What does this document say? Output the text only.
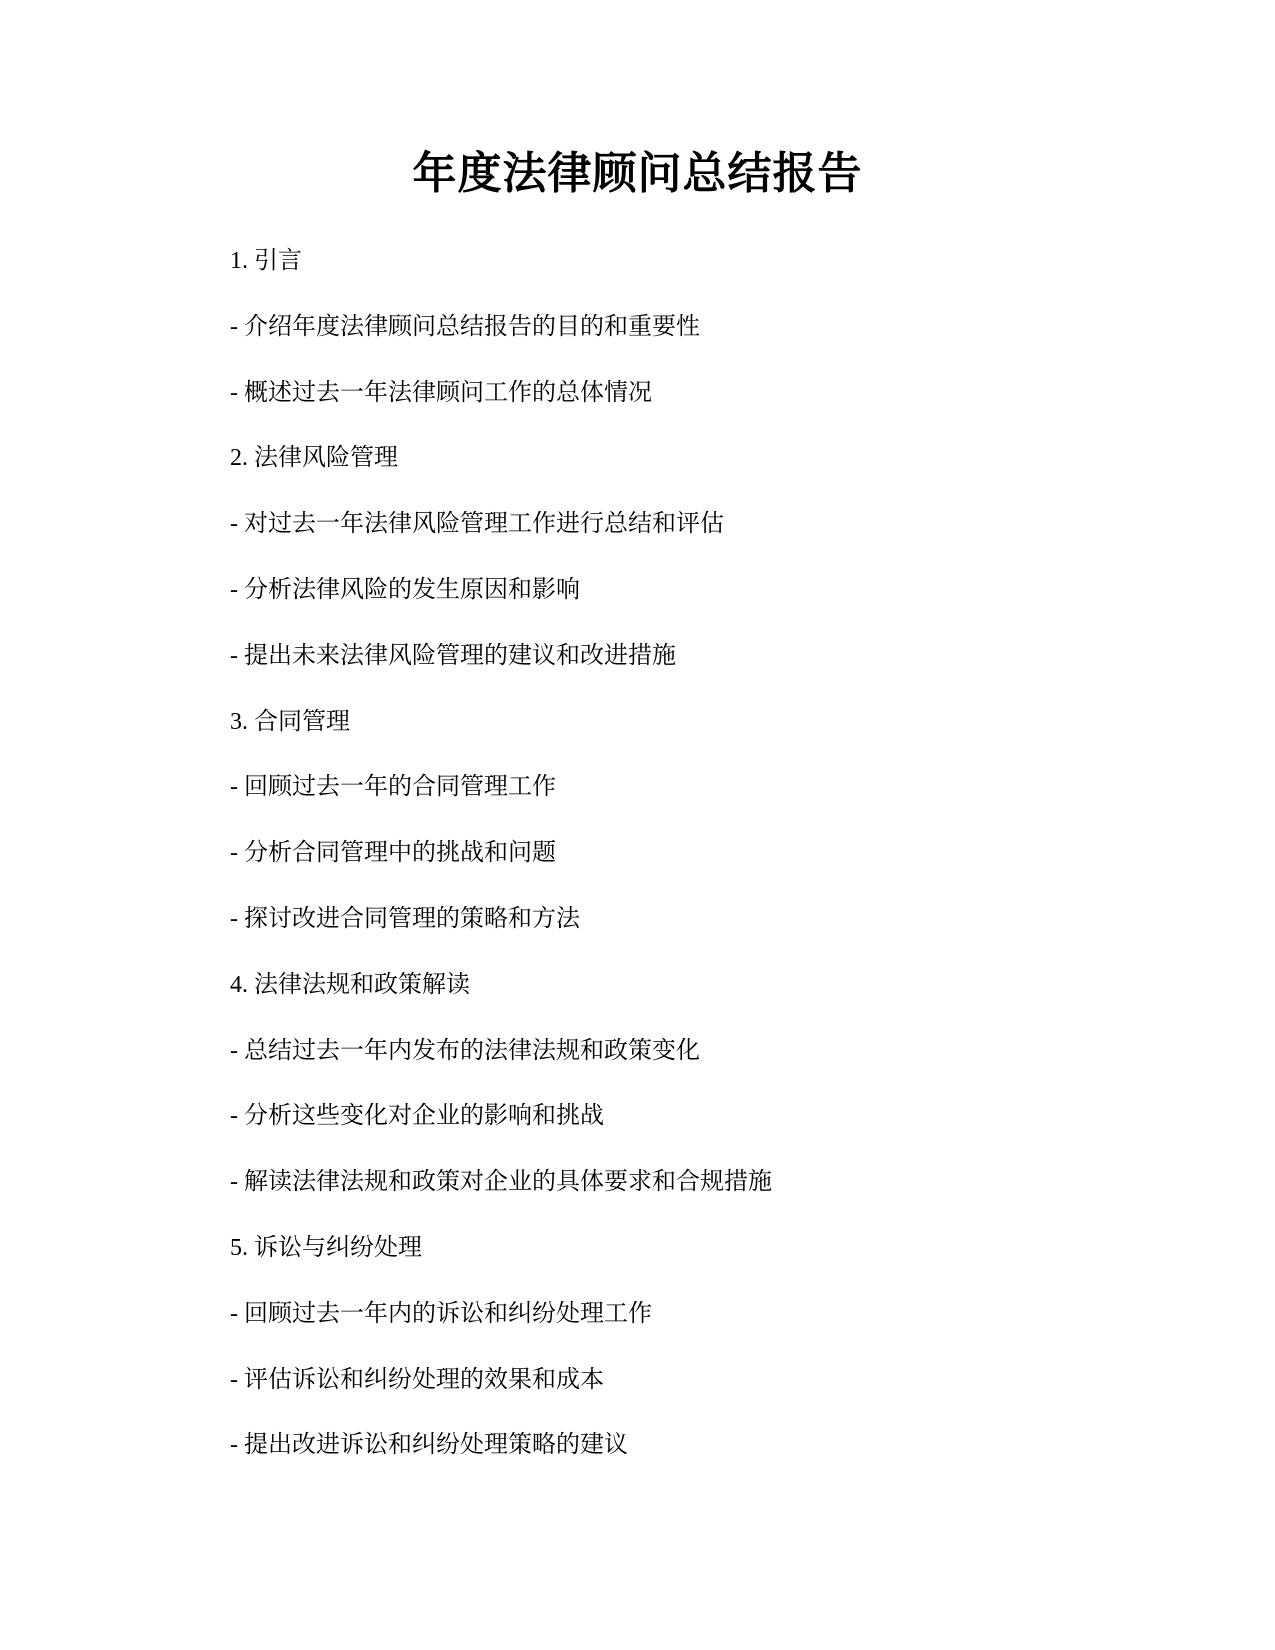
年度法律顾问总结报告

1. 引言

- 介绍年度法律顾问总结报告的目的和重要性

- 概述过去一年法律顾问工作的总体情况

2. 法律风险管理

- 对过去一年法律风险管理工作进行总结和评估

- 分析法律风险的发生原因和影响

- 提出未来法律风险管理的建议和改进措施

3. 合同管理

- 回顾过去一年的合同管理工作

- 分析合同管理中的挑战和问题

- 探讨改进合同管理的策略和方法

4. 法律法规和政策解读

- 总结过去一年内发布的法律法规和政策变化

- 分析这些变化对企业的影响和挑战

- 解读法律法规和政策对企业的具体要求和合规措施

5. 诉讼与纠纷处理

- 回顾过去一年内的诉讼和纠纷处理工作

- 评估诉讼和纠纷处理的效果和成本

- 提出改进诉讼和纠纷处理策略的建议
